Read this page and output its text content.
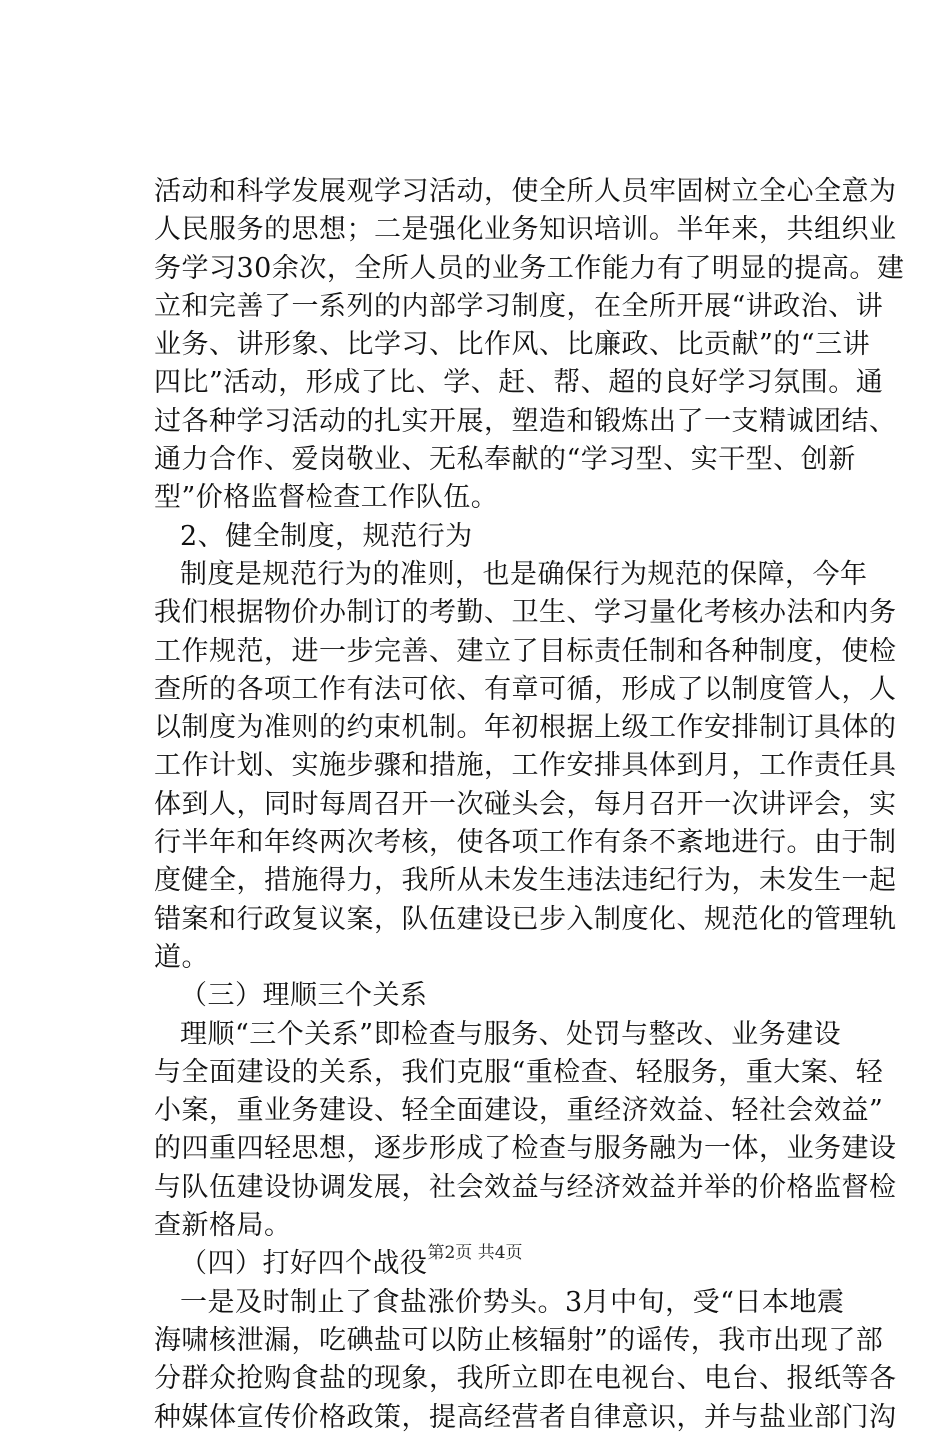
活动和科学发展观学习活动，使全所人员牢固树立全心全意为
人民服务的思想；二是强化业务知识培训。半年来，共组织业
务学习30余次，全所人员的业务工作能力有了明显的提高。建
立和完善了一系列的内部学习制度，在全所开展“讲政治、讲
业务、讲形象、比学习、比作风、比廉政、比贡献”的“三讲
四比”活动，形成了比、学、赶、帮、超的良好学习氛围。通
过各种学习活动的扎实开展，塑造和锻炼出了一支精诚团结、
通力合作、爱岗敬业、无私奉献的“学习型、实干型、创新
型”价格监督检查工作队伍。
2、健全制度，规范行为
制度是规范行为的准则，也是确保行为规范的保障，今年
我们根据物价办制订的考勤、卫生、学习量化考核办法和内务
工作规范，进一步完善、建立了目标责任制和各种制度，使检
查所的各项工作有法可依、有章可循，形成了以制度管人，人
以制度为准则的约束机制。年初根据上级工作安排制订具体的
工作计划、实施步骤和措施，工作安排具体到月，工作责任具
体到人，同时每周召开一次碰头会，每月召开一次讲评会，实
行半年和年终两次考核，使各项工作有条不紊地进行。由于制
度健全，措施得力，我所从未发生违法违纪行为，未发生一起
错案和行政复议案，队伍建设已步入制度化、规范化的管理轨
道。
（三）理顺三个关系
理顺“三个关系”即检查与服务、处罚与整改、业务建设
与全面建设的关系，我们克服“重检查、轻服务，重大案、轻
小案，重业务建设、轻全面建设，重经济效益、轻社会效益”
的四重四轻思想，逐步形成了检查与服务融为一体，业务建设
与队伍建设协调发展，社会效益与经济效益并举的价格监督检
查新格局。
（四）打好四个战役
一是及时制止了食盐涨价势头。3月中旬，受“日本地震
海啸核泄漏，吃碘盐可以防止核辐射”的谣传，我市出现了部
分群众抢购食盐的现象，我所立即在电视台、电台、报纸等各
种媒体宣传价格政策，提高经营者自律意识，并与盐业部门沟
第2页 共4页
